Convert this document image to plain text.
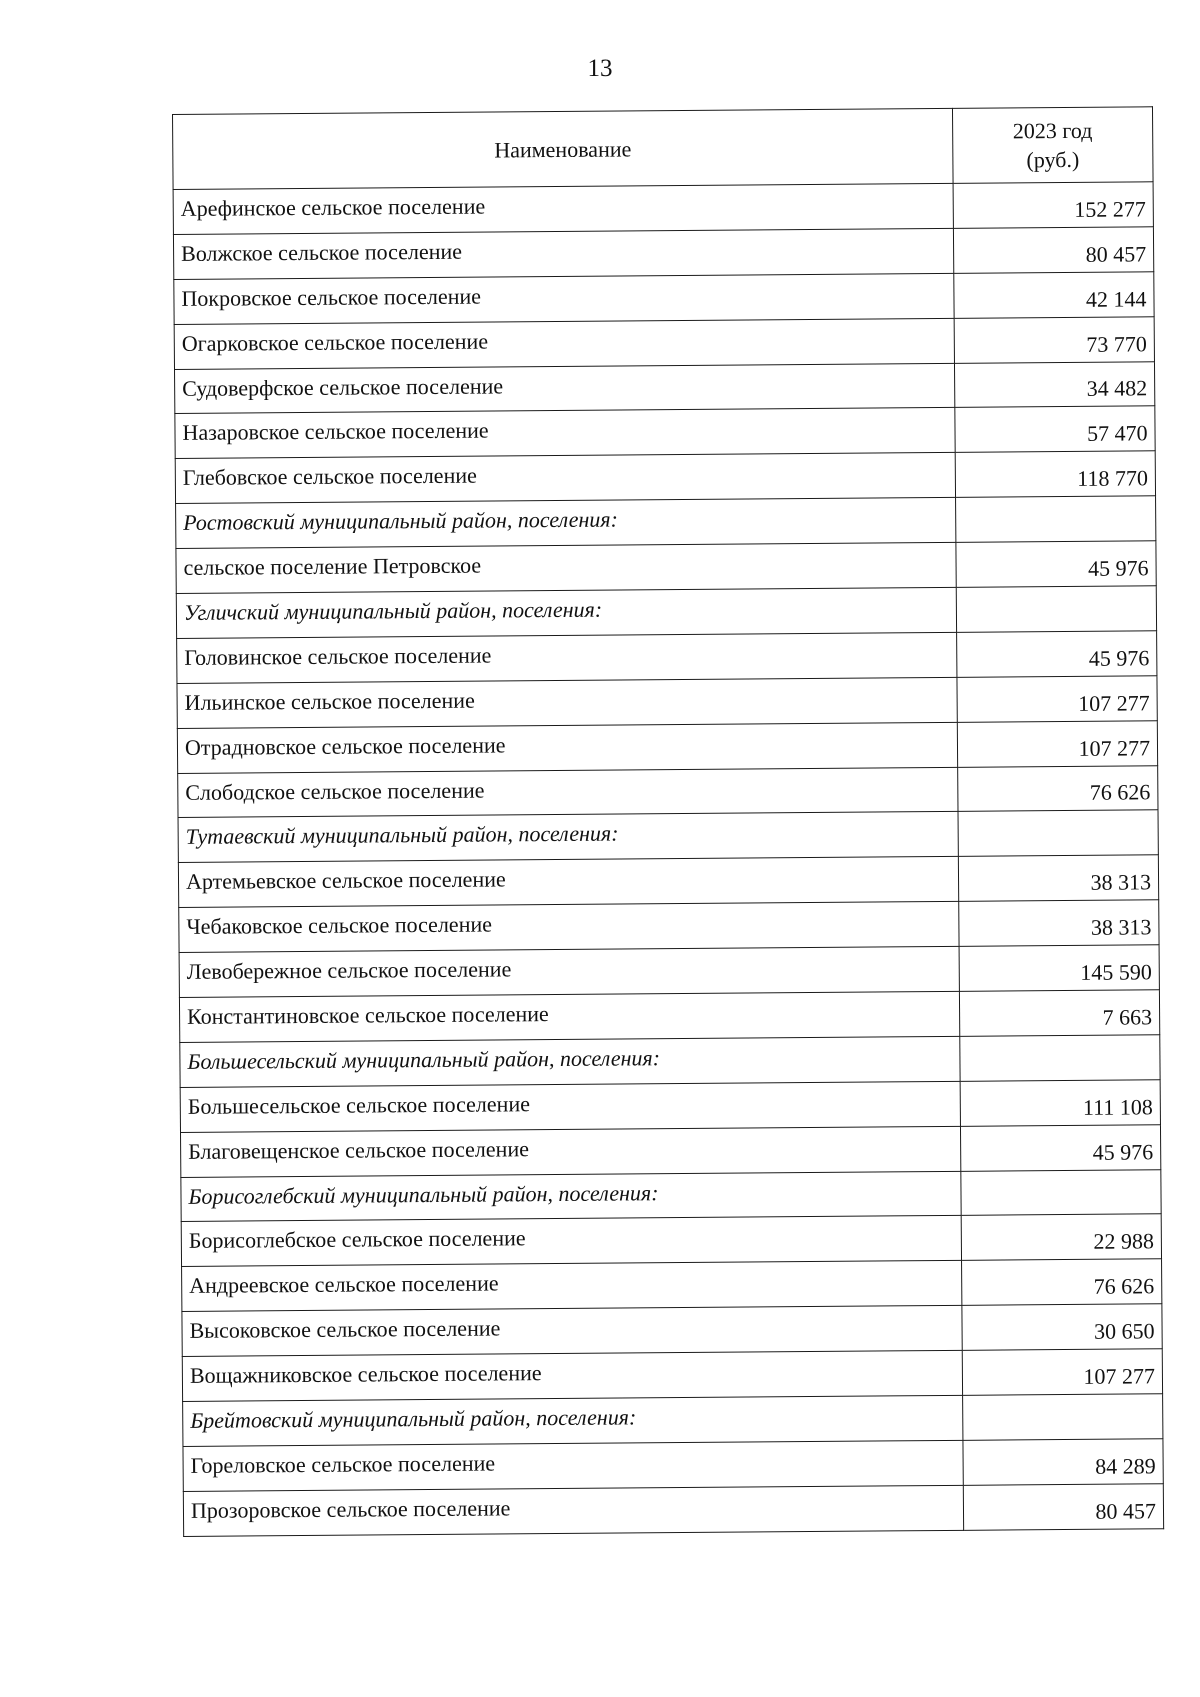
13
Наименование	2023 год
(руб.)
Арефинское сельское поселение	152 277
Волжское сельское поселение	80 457
Покровское сельское поселение	42 144
Огарковское сельское поселение	73 770
Судоверфское сельское поселение	34 482
Назаровское сельское поселение	57 470
Глебовское сельское поселение	118 770
Ростовский муниципальный район, поселения:	
сельское поселение Петровское	45 976
Угличский муниципальный район, поселения:	
Головинское сельское поселение	45 976
Ильинское сельское поселение	107 277
Отрадновское сельское поселение	107 277
Слободское сельское поселение	76 626
Тутаевский муниципальный район, поселения:	
Артемьевское сельское поселение	38 313
Чебаковское сельское поселение	38 313
Левобережное сельское поселение	145 590
Константиновское сельское поселение	7 663
Большесельский муниципальный район, поселения:	
Большесельское сельское поселение	111 108
Благовещенское сельское поселение	45 976
Борисоглебский муниципальный район, поселения:	
Борисоглебское сельское поселение	22 988
Андреевское сельское поселение	76 626
Высоковское сельское поселение	30 650
Вощажниковское сельское поселение	107 277
Брейтовский муниципальный район, поселения:	
Гореловское сельское поселение	84 289
Прозоровское сельское поселение	80 457
